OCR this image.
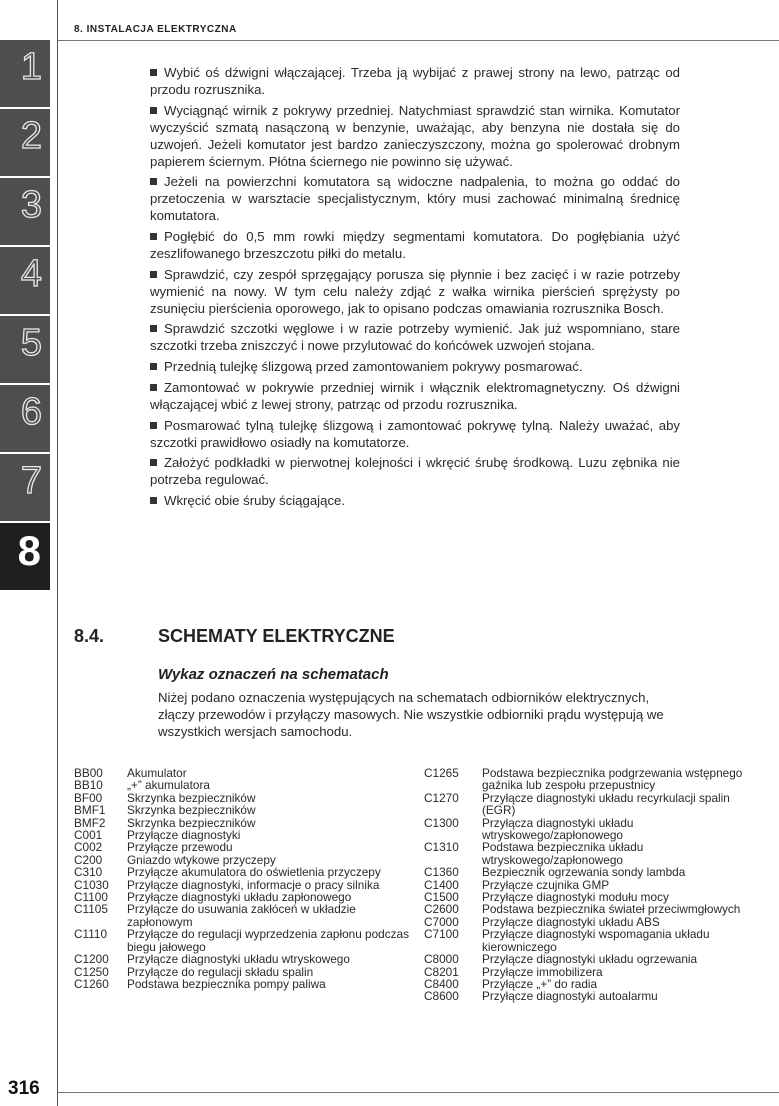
8. INSTALACJA ELEKTRYCZNA
1
2
3
4
5
6
7
8
316

Wybić oś dźwigni włączającej. Trzeba ją wybijać z prawej strony na lewo, patrząc od przodu rozrusznika.

Wyciągnąć wirnik z pokrywy przedniej. Natychmiast sprawdzić stan wirnika. Komutator wyczyścić szmatą nasączoną w benzynie, uważając, aby benzyna nie dostała się do uzwojeń. Jeżeli komutator jest bardzo zanieczyszczony, można go spolerować drobnym papierem ściernym. Płótna ściernego nie powinno się używać.

Jeżeli na powierzchni komutatora są widoczne nadpalenia, to można go oddać do przetoczenia w warsztacie specjalistycznym, który musi zachować minimalną średnicę komutatora.

Pogłębić do 0,5 mm rowki między segmentami komutatora. Do pogłębiania użyć zeszlifowanego brzeszczotu piłki do metalu.

Sprawdzić, czy zespół sprzęgający porusza się płynnie i bez zacięć i w razie potrzeby wymienić na nowy. W tym celu należy zdjąć z wałka wirnika pierścień sprężysty po zsunięciu pierścienia oporowego, jak to opisano podczas omawiania rozrusznika Bosch.

Sprawdzić szczotki węglowe i w razie potrzeby wymienić. Jak już wspomniano, stare szczotki trzeba zniszczyć i nowe przylutować do końcówek uzwojeń stojana.

Przednią tulejkę ślizgową przed zamontowaniem pokrywy posmarować.

Zamontować w pokrywie przedniej wirnik i włącznik elektromagnetyczny. Oś dźwigni włączającej wbić z lewej strony, patrząc od przodu rozrusznika.

Posmarować tylną tulejkę ślizgową i zamontować pokrywę tylną. Należy uważać, aby szczotki prawidłowo osiadły na komutatorze.

Założyć podkładki w pierwotnej kolejności i wkręcić śrubę środkową. Luzu zębnika nie potrzeba regulować.

Wkręcić obie śruby ściągające.

8.4.	SCHEMATY ELEKTRYCZNE
Wykaz oznaczeń na schematach
Niżej podano oznaczenia występujących na schematach odbiorników elektrycznych, złączy przewodów i przyłączy masowych. Nie wszystkie odbiorniki prądu występują we wszystkich wersjach samochodu.
BB00	Akumulator
BB10	„+” akumulatora
BF00	Skrzynka bezpieczników
BMF1	Skrzynka bezpieczników
BMF2	Skrzynka bezpieczników
C001	Przyłącze diagnostyki
C002	Przyłącze przewodu
C200	Gniazdo wtykowe przyczepy
C310	Przyłącze akumulatora do oświetlenia przyczepy
C1030	Przyłącze diagnostyki, informacje o pracy silnika
C1100	Przyłącze diagnostyki układu zapłonowego
C1105	Przyłącze do usuwania zakłóceń w układzie zapłonowym
C1110	Przyłącze do regulacji wyprzedzenia zapłonu podczas biegu jałowego
C1200	Przyłącze diagnostyki układu wtryskowego
C1250	Przyłącze do regulacji składu spalin
C1260	Podstawa bezpiecznika pompy paliwa
C1265	Podstawa bezpiecznika podgrzewania wstępnego gaźnika lub zespołu przepustnicy
C1270	Przyłącze diagnostyki układu recyrkulacji spalin (EGR)
C1300	Przyłącza diagnostyki układu wtryskowego/zapłonowego
C1310	Podstawa bezpiecznika układu wtryskowego/zapłonowego
C1360	Bezpiecznik ogrzewania sondy lambda
C1400	Przyłącze czujnika GMP
C1500	Przyłącze diagnostyki modułu mocy
C2600	Podstawa bezpiecznika świateł przeciwmgłowych
C7000	Przyłącze diagnostyki układu ABS
C7100	Przyłącze diagnostyki wspomagania układu kierowniczego
C8000	Przyłącze diagnostyki układu ogrzewania
C8201	Przyłącze immobilizera
C8400	Przyłącze „+” do radia
C8600	Przyłącze diagnostyki autoalarmu
